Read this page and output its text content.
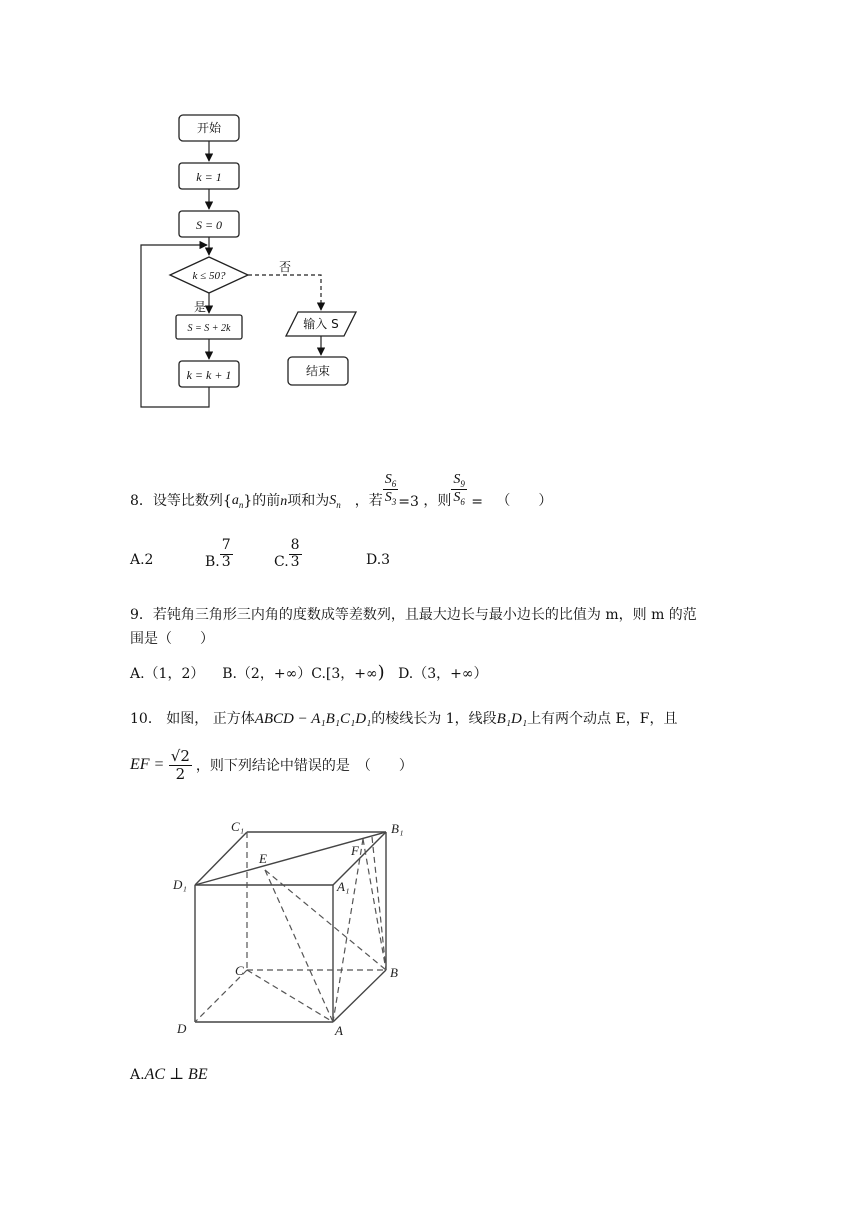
开始
k = 1
S = 0
k ≤ 50?
否
是
S = S + 2k
k = k + 1
输入 S
结束
8．设等比数列{ $a_n$ }的前 n 项和为 $S_n$ ，若 $\frac{S_6}{S_3} =3$
，则 $\frac{S_9}{S_6}$
=
（　　）
A.2	B. $\frac{7}{3}$	C. $\frac{8}{3}$	D.3
9．若钝角三角形三内角的度数成等差数列，且最大边长与最小边长的比值为 m，则 m 的范
围是（　　）
A.（1，2） B.（2，+∞）C.[3，+∞) D.（3，+∞）
10． 如图， 正方体ABCD − A₁B₁C₁D₁的棱线长为 1，线段B₁D₁上有两个动点 E，F，且
EF =
$\frac{√2}{2}$ ，则下列结论中错误的是　（　　）
C₁	B₁
D₁	A₁
E
F
C	B
D	A
A.AC ⊥ BE
